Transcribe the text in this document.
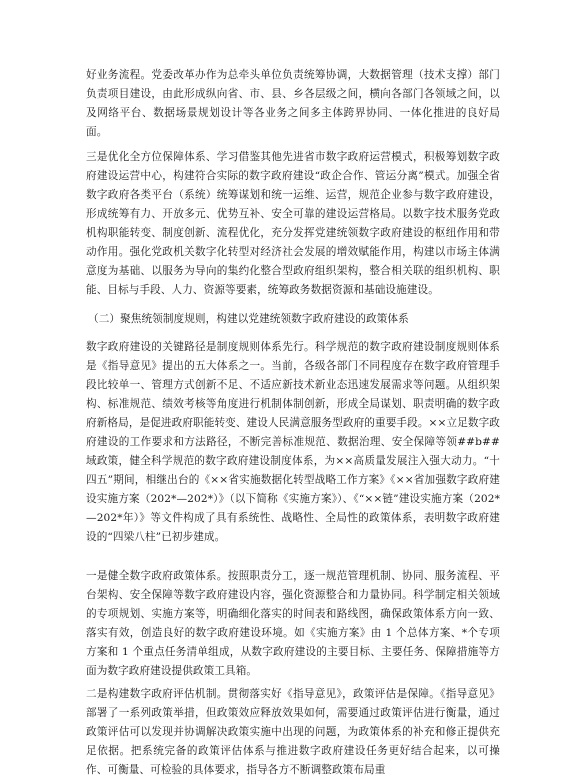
好业务流程。党委改革办作为总牵头单位负责统筹协调，大数据管理（技术支撑）部门负责项目建设，由此形成纵向省、市、县、乡各层级之间，横向各部门各领域之间，以及网络平台、数据场景规划设计等各业务之间多主体跨界协同、一体化推进的良好局面。

三是优化全方位保障体系、学习借鉴其他先进省市数字政府运营模式，积极筹划数字政府建设运营中心，构建符合实际的数字政府建设“政企合作、管运分离”模式。加强全省数字政府各类平台（系统）统筹谋划和统一运维、运营，规范企业参与数字政府建设，形成统筹有力、开放多元、优势互补、安全可靠的建设运营格局。以数字技术服务党政机构职能转变、制度创新、流程优化，充分发挥党建统领数字政府建设的枢纽作用和带动作用。强化党政机关数字化转型对经济社会发展的增效赋能作用，构建以市场主体满意度为基础、以服务为导向的集约化整合型政府组织架构，整合相关联的组织机构、职能、目标与手段、人力、资源等要素，统筹政务数据资源和基础设施建设。

（二）聚焦统领制度规则，构建以党建统领数字政府建设的政策体系

数字政府建设的关键路径是制度规则体系先行。科学规范的数字政府建设制度规则体系是《指导意见》提出的五大体系之一。当前，各级各部门不同程度存在数字政府管理手段比较单一、管理方式创新不足、不适应新技术新业态迅速发展需求等问题。从组织架构、标准规范、绩效考核等角度进行机制体制创新，形成全局谋划、职责明确的数字政府新格局，是促进政府职能转变、建设人民满意服务型政府的重要手段。××立足数字政府建设的工作要求和方法路径，不断完善标准规范、数据治理、安全保障等领##b##域政策，健全科学规范的数字政府建设制度体系，为××高质量发展注入强大动力。“十四五”期间，相继出台的《××省实施数据化转型战略工作方案》《××省加强数字政府建设实施方案（202*—202*）》（以下简称《实施方案》）、《“××链”建设实施方案（202*—202*年）》等文件构成了具有系统性、战略性、全局性的政策体系，表明数字政府建设的“四梁八柱”已初步建成。

一是健全数字政府政策体系。按照职责分工，逐一规范管理机制、协同、服务流程、平台架构、安全保障等数字政府建设内容，强化资源整合和力量协同。科学制定相关领域的专项规划、实施方案等，明确细化落实的时间表和路线图，确保政策体系方向一致、落实有效，创造良好的数字政府建设环境。如《实施方案》由 1 个总体方案、*个专项方案和 1 个重点任务清单组成，从数字政府建设的主要目标、主要任务、保障措施等方面为数字政府建设提供政策工具箱。

二是构建数字政府评估机制。贯彻落实好《指导意见》，政策评估是保障。《指导意见》部署了一系列政策举措，但政策效应释放效果如何，需要通过政策评估进行衡量，通过政策评估可以发现并协调解决政策实施中出现的问题，为政策体系的补充和修正提供充足依据。把系统完备的政策评估体系与推进数字政府建设任务更好结合起来，以可操作、可衡量、可检验的具体要求，指导各方不断调整政策布局重
